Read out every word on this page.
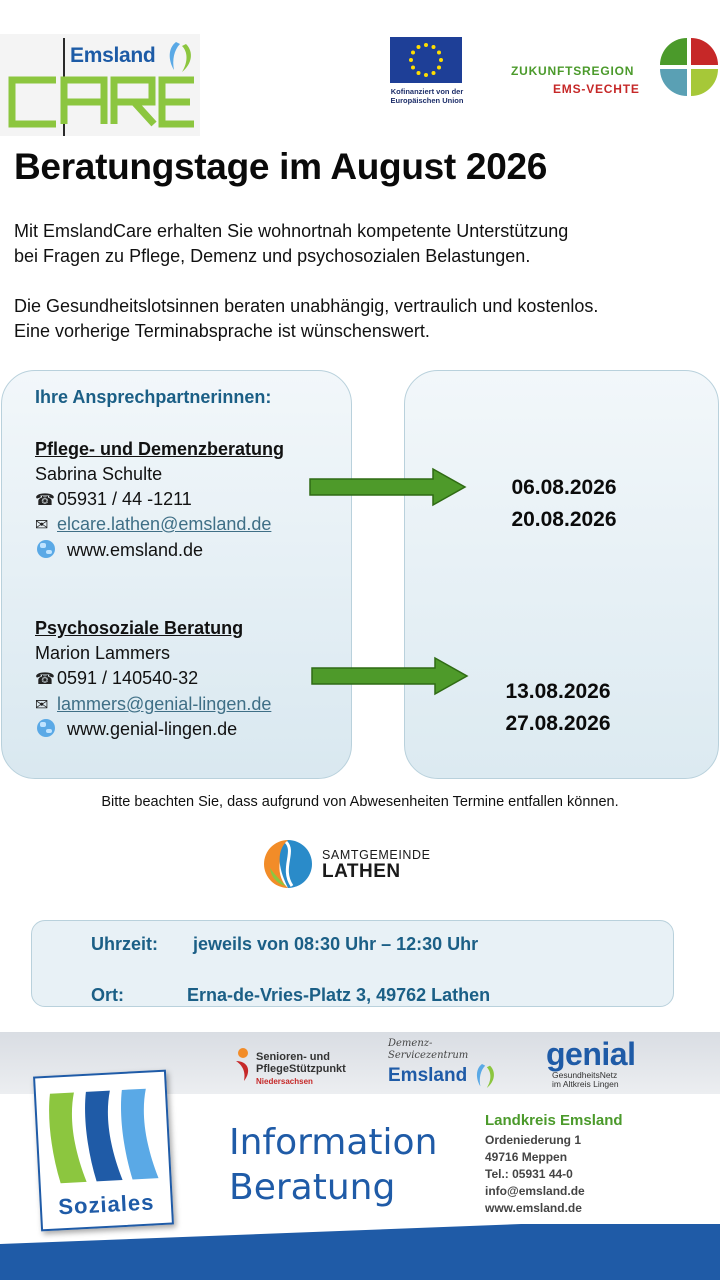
Emsland
Kofinanziert von der
Europäischen Union
ZUKUNFTSREGION
EMS-VECHTE
Beratungstage im August 2026
Mit EmslandCare erhalten Sie wohnortnah kompetente Unterstützung
bei Fragen zu Pflege, Demenz und psychosozialen Belastungen.
Die Gesundheitslotsinnen beraten unabhängig, vertraulich und kostenlos.
Eine vorherige Terminabsprache ist wünschenswert.
Ihre Ansprechpartnerinnen:
Pflege- und Demenzberatung
Sabrina Schulte
☎ 05931 / 44 -1211
✉ elcare.lathen@emsland.de
www.emsland.de
Psychosoziale Beratung
Marion Lammers
☎ 0591 / 140540-32
✉ lammers@genial-lingen.de
www.genial-lingen.de
06.08.2026
20.08.2026
13.08.2026
27.08.2026
Bitte beachten Sie, dass aufgrund von Abwesenheiten Termine entfallen können.
SAMTGEMEINDE
LATHEN
Uhrzeit: jeweils von 08:30 Uhr – 12:30 Uhr
Ort:	Erna-de-Vries-Platz 3, 49762 Lathen
Soziales
Senioren- und
PflegeStützpunkt
Niedersachsen
Demenz-
Servicezentrum
Emsland
genial
GesundheitsNetz
im Altkreis Lingen
Information
Beratung
Landkreis Emsland
Ordeniederung 1
49716 Meppen
Tel.: 05931 44-0
info@emsland.de
www.emsland.de
